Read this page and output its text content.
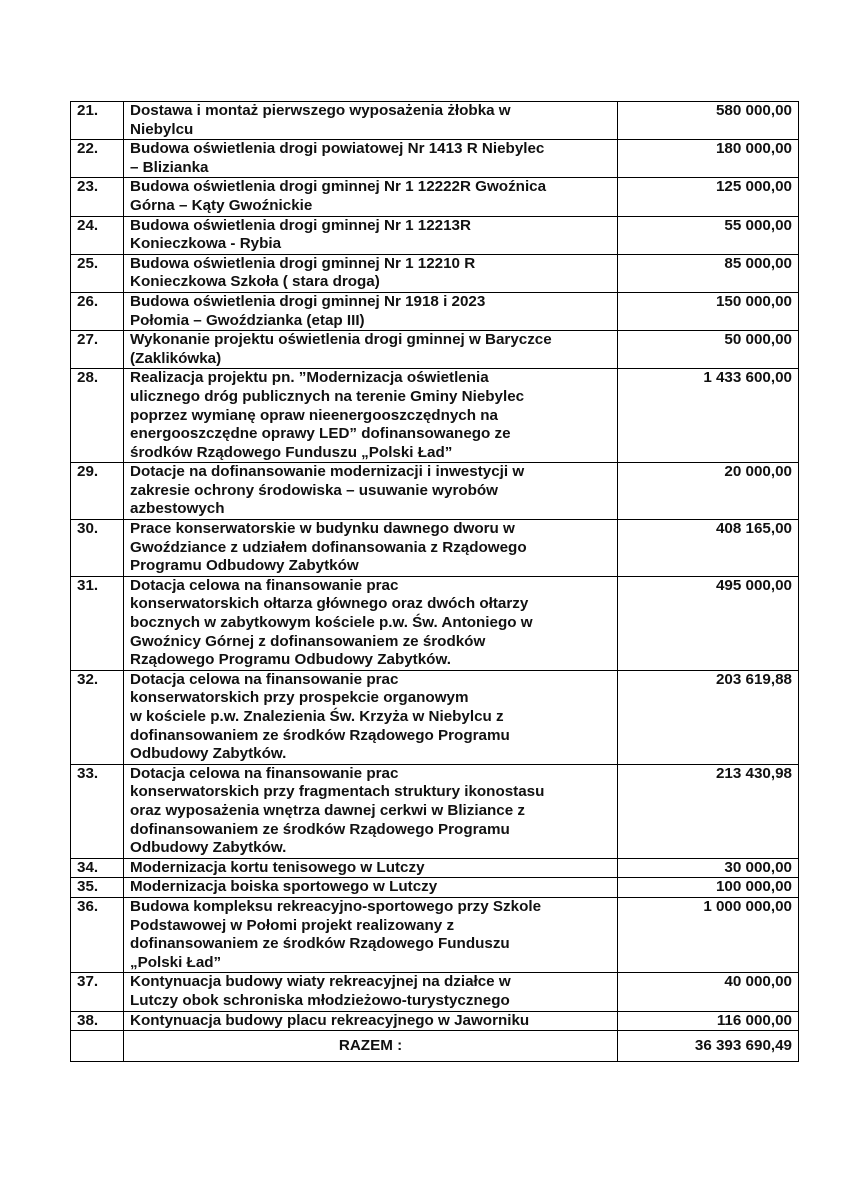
21.	Dostawa i montaż pierwszego wyposażenia żłobka w
Niebylcu	580 000,00
22.	Budowa oświetlenia drogi powiatowej Nr 1413 R Niebylec
– Blizianka	180 000,00
23.	Budowa oświetlenia drogi gminnej Nr 1 12222R Gwoźnica
Górna – Kąty Gwoźnickie	125 000,00
24.	Budowa oświetlenia drogi gminnej Nr 1 12213R
Konieczkowa - Rybia	55 000,00
25.	Budowa oświetlenia drogi gminnej Nr 1 12210 R
Konieczkowa Szkoła ( stara droga)	85 000,00
26.	Budowa oświetlenia drogi gminnej Nr 1918 i 2023
Połomia – Gwoździanka (etap III)	150 000,00
27.	Wykonanie projektu oświetlenia drogi gminnej w Baryczce
(Zaklikówka)	50 000,00
28.	Realizacja projektu pn. ”Modernizacja oświetlenia
ulicznego dróg publicznych na terenie Gminy Niebylec
poprzez wymianę opraw nieenergooszczędnych na
energooszczędne oprawy LED” dofinansowanego ze
środków Rządowego Funduszu „Polski Ład”	1 433 600,00
29.	Dotacje na dofinansowanie modernizacji i inwestycji w
zakresie ochrony środowiska – usuwanie wyrobów
azbestowych	20 000,00
30.	Prace konserwatorskie w budynku dawnego dworu w
Gwoździance z udziałem dofinansowania z Rządowego
Programu Odbudowy Zabytków	408 165,00
31.	Dotacja celowa na finansowanie prac
konserwatorskich ołtarza głównego oraz dwóch ołtarzy
bocznych w zabytkowym kościele p.w. Św. Antoniego w
Gwoźnicy Górnej z dofinansowaniem ze środków
Rządowego Programu Odbudowy Zabytków.	495 000,00
32.	Dotacja celowa na finansowanie prac
konserwatorskich przy prospekcie organowym
w kościele p.w. Znalezienia Św. Krzyża w Niebylcu z
dofinansowaniem ze środków Rządowego Programu
Odbudowy Zabytków.	203 619,88
33.	Dotacja celowa na finansowanie prac
konserwatorskich przy fragmentach struktury ikonostasu
oraz wyposażenia wnętrza dawnej cerkwi w Bliziance z
dofinansowaniem ze środków Rządowego Programu
Odbudowy Zabytków.	213 430,98
34.	Modernizacja kortu tenisowego w Lutczy	30 000,00
35.	Modernizacja boiska sportowego w Lutczy	100 000,00
36.	Budowa kompleksu rekreacyjno-sportowego przy Szkole
Podstawowej w Połomi projekt realizowany z
dofinansowaniem ze środków Rządowego Funduszu
„Polski Ład”	1 000 000,00
37.	Kontynuacja budowy wiaty rekreacyjnej na działce w
Lutczy obok schroniska młodzieżowo-turystycznego	40 000,00
38.	Kontynuacja budowy placu rekreacyjnego w Jaworniku	116 000,00
	RAZEM :	36 393 690,49
